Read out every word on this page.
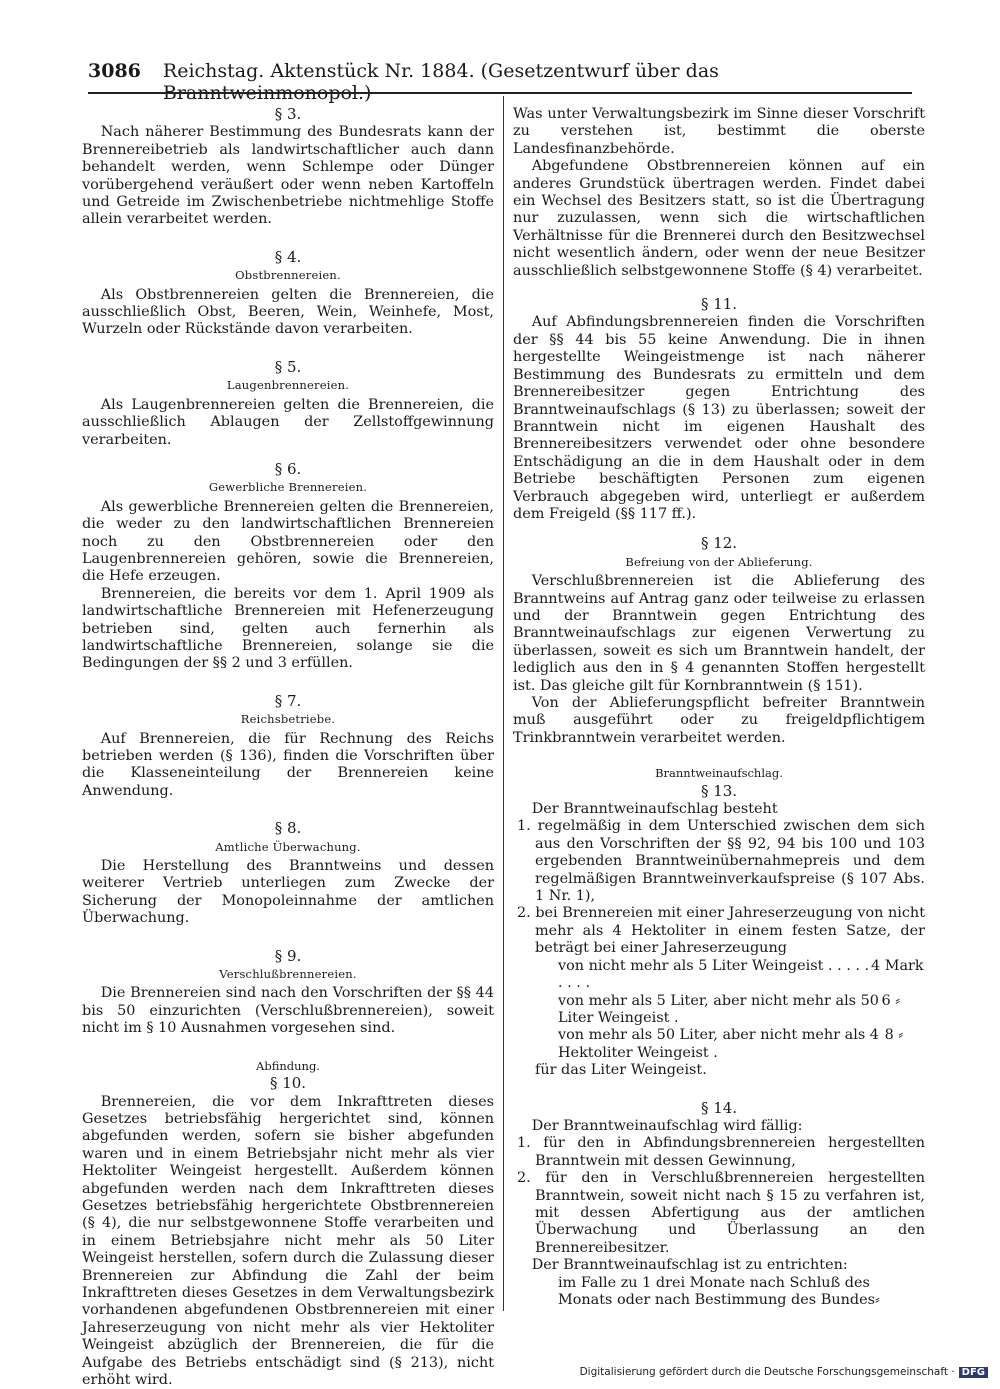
3086 Reichstag. Aktenstück Nr. 1884. (Gesetzentwurf über das Branntweinmonopol.)
§ 3.

Nach näherer Bestimmung des Bundesrats kann der Brennereibetrieb als landwirtschaftlicher auch dann behandelt werden, wenn Schlempe oder Dünger vorübergehend veräußert oder wenn neben Kartoffeln und Getreide im Zwischenbetriebe nichtmehlige Stoffe allein verarbeitet werden.

§ 4.
Obstbrennereien.

Als Obstbrennereien gelten die Brennereien, die ausschließlich Obst, Beeren, Wein, Weinhefe, Most, Wurzeln oder Rückstände davon verarbeiten.

§ 5.
Laugenbrennereien.

Als Laugenbrennereien gelten die Brennereien, die ausschließlich Ablaugen der Zellstoffgewinnung verarbeiten.

§ 6.
Gewerbliche Brennereien.

Als gewerbliche Brennereien gelten die Brennereien, die weder zu den landwirtschaftlichen Brennereien noch zu den Obstbrennereien oder den Laugenbrennereien gehören, sowie die Brennereien, die Hefe erzeugen.

Brennereien, die bereits vor dem 1. April 1909 als landwirtschaftliche Brennereien mit Hefenerzeugung betrieben sind, gelten auch fernerhin als landwirtschaftliche Brennereien, solange sie die Bedingungen der §§ 2 und 3 erfüllen.

§ 7.
Reichsbetriebe.

Auf Brennereien, die für Rechnung des Reichs betrieben werden (§ 136), finden die Vorschriften über die Klasseneinteilung der Brennereien keine Anwendung.

§ 8.
Amtliche Überwachung.

Die Herstellung des Branntweins und dessen weiterer Vertrieb unterliegen zum Zwecke der Sicherung der Monopoleinnahme der amtlichen Überwachung.

§ 9.
Verschlußbrennereien.

Die Brennereien sind nach den Vorschriften der §§ 44 bis 50 einzurichten (Verschlußbrennereien), soweit nicht im § 10 Ausnahmen vorgesehen sind.

Abfindung.
§ 10.

Brennereien, die vor dem Inkrafttreten dieses Gesetzes betriebsfähig hergerichtet sind, können abgefunden werden, sofern sie bisher abgefunden waren und in einem Betriebsjahr nicht mehr als vier Hektoliter Weingeist hergestellt. Außerdem können abgefunden werden nach dem Inkrafttreten dieses Gesetzes betriebsfähig hergerichtete Obstbrennereien (§ 4), die nur selbstgewonnene Stoffe verarbeiten und in einem Betriebsjahre nicht mehr als 50 Liter Weingeist herstellen, sofern durch die Zulassung dieser Brennereien zur Abfindung die Zahl der beim Inkrafttreten dieses Gesetzes in dem Verwaltungsbezirk vorhandenen abgefundenen Obstbrennereien mit einer Jahreserzeugung von nicht mehr als vier Hektoliter Weingeist abzüglich der Brennereien, die für die Aufgabe des Betriebs entschädigt sind (§ 213), nicht erhöht wird.

Was unter Verwaltungsbezirk im Sinne dieser Vorschrift zu verstehen ist, bestimmt die oberste Landesfinanzbehörde.

Abgefundene Obstbrennereien können auf ein anderes Grundstück übertragen werden. Findet dabei ein Wechsel des Besitzers statt, so ist die Übertragung nur zuzulassen, wenn sich die wirtschaftlichen Verhältnisse für die Brennerei durch den Besitzwechsel nicht wesentlich ändern, oder wenn der neue Besitzer ausschließlich selbstgewonnene Stoffe (§ 4) verarbeitet.

§ 11.

Auf Abfindungsbrennereien finden die Vorschriften der §§ 44 bis 55 keine Anwendung. Die in ihnen hergestellte Weingeistmenge ist nach näherer Bestimmung des Bundesrats zu ermitteln und dem Brennereibesitzer gegen Entrichtung des Branntweinaufschlags (§ 13) zu überlassen; soweit der Branntwein nicht im eigenen Haushalt des Brennereibesitzers verwendet oder ohne besondere Entschädigung an die in dem Haushalt oder in dem Betriebe beschäftigten Personen zum eigenen Verbrauch abgegeben wird, unterliegt er außerdem dem Freigeld (§§ 117 ff.).

§ 12.
Befreiung von der Ablieferung.

Verschlußbrennereien ist die Ablieferung des Branntweins auf Antrag ganz oder teilweise zu erlassen und der Branntwein gegen Entrichtung des Branntweinaufschlags zur eigenen Verwertung zu überlassen, soweit es sich um Branntwein handelt, der lediglich aus den in § 4 genannten Stoffen hergestellt ist. Das gleiche gilt für Kornbranntwein (§ 151).

Von der Ablieferungspflicht befreiter Branntwein muß ausgeführt oder zu freigeldpflichtigem Trinkbranntwein verarbeitet werden.

Branntweinaufschlag.
§ 13.

Der Branntweinaufschlag besteht

1. regelmäßig in dem Unterschied zwischen dem sich aus den Vorschriften der §§ 92, 94 bis 100 und 103 ergebenden Branntweinübernahmepreis und dem regelmäßigen Branntweinverkaufspreise (§ 107 Abs. 1 Nr. 1),
2. bei Brennereien mit einer Jahreserzeugung von nicht mehr als 4 Hektoliter in einem festen Satze, der beträgt bei einer Jahreserzeugung
von nicht mehr als 5 Liter Weingeist . . . . . . . . .
4 Mark
von mehr als 5 Liter, aber nicht mehr als 50 Liter Weingeist .
6 ⸗
von mehr als 50 Liter, aber nicht mehr als 4 Hektoliter Weingeist .
8 ⸗

für das Liter Weingeist.

§ 14.

Der Branntweinaufschlag wird fällig:

1. für den in Abfindungsbrennereien hergestellten Branntwein mit dessen Gewinnung,
2. für den in Verschlußbrennereien hergestellten Branntwein, soweit nicht nach § 15 zu verfahren ist, mit dessen Abfertigung aus der amtlichen Überwachung und Überlassung an den Brennereibesitzer.

Der Branntweinaufschlag ist zu entrichten:

im Falle zu 1 drei Monate nach Schluß des Monats oder nach Bestimmung des Bundes⸗
Digitalisierung gefördert durch die Deutsche Forschungsgemeinschaft · DFG
